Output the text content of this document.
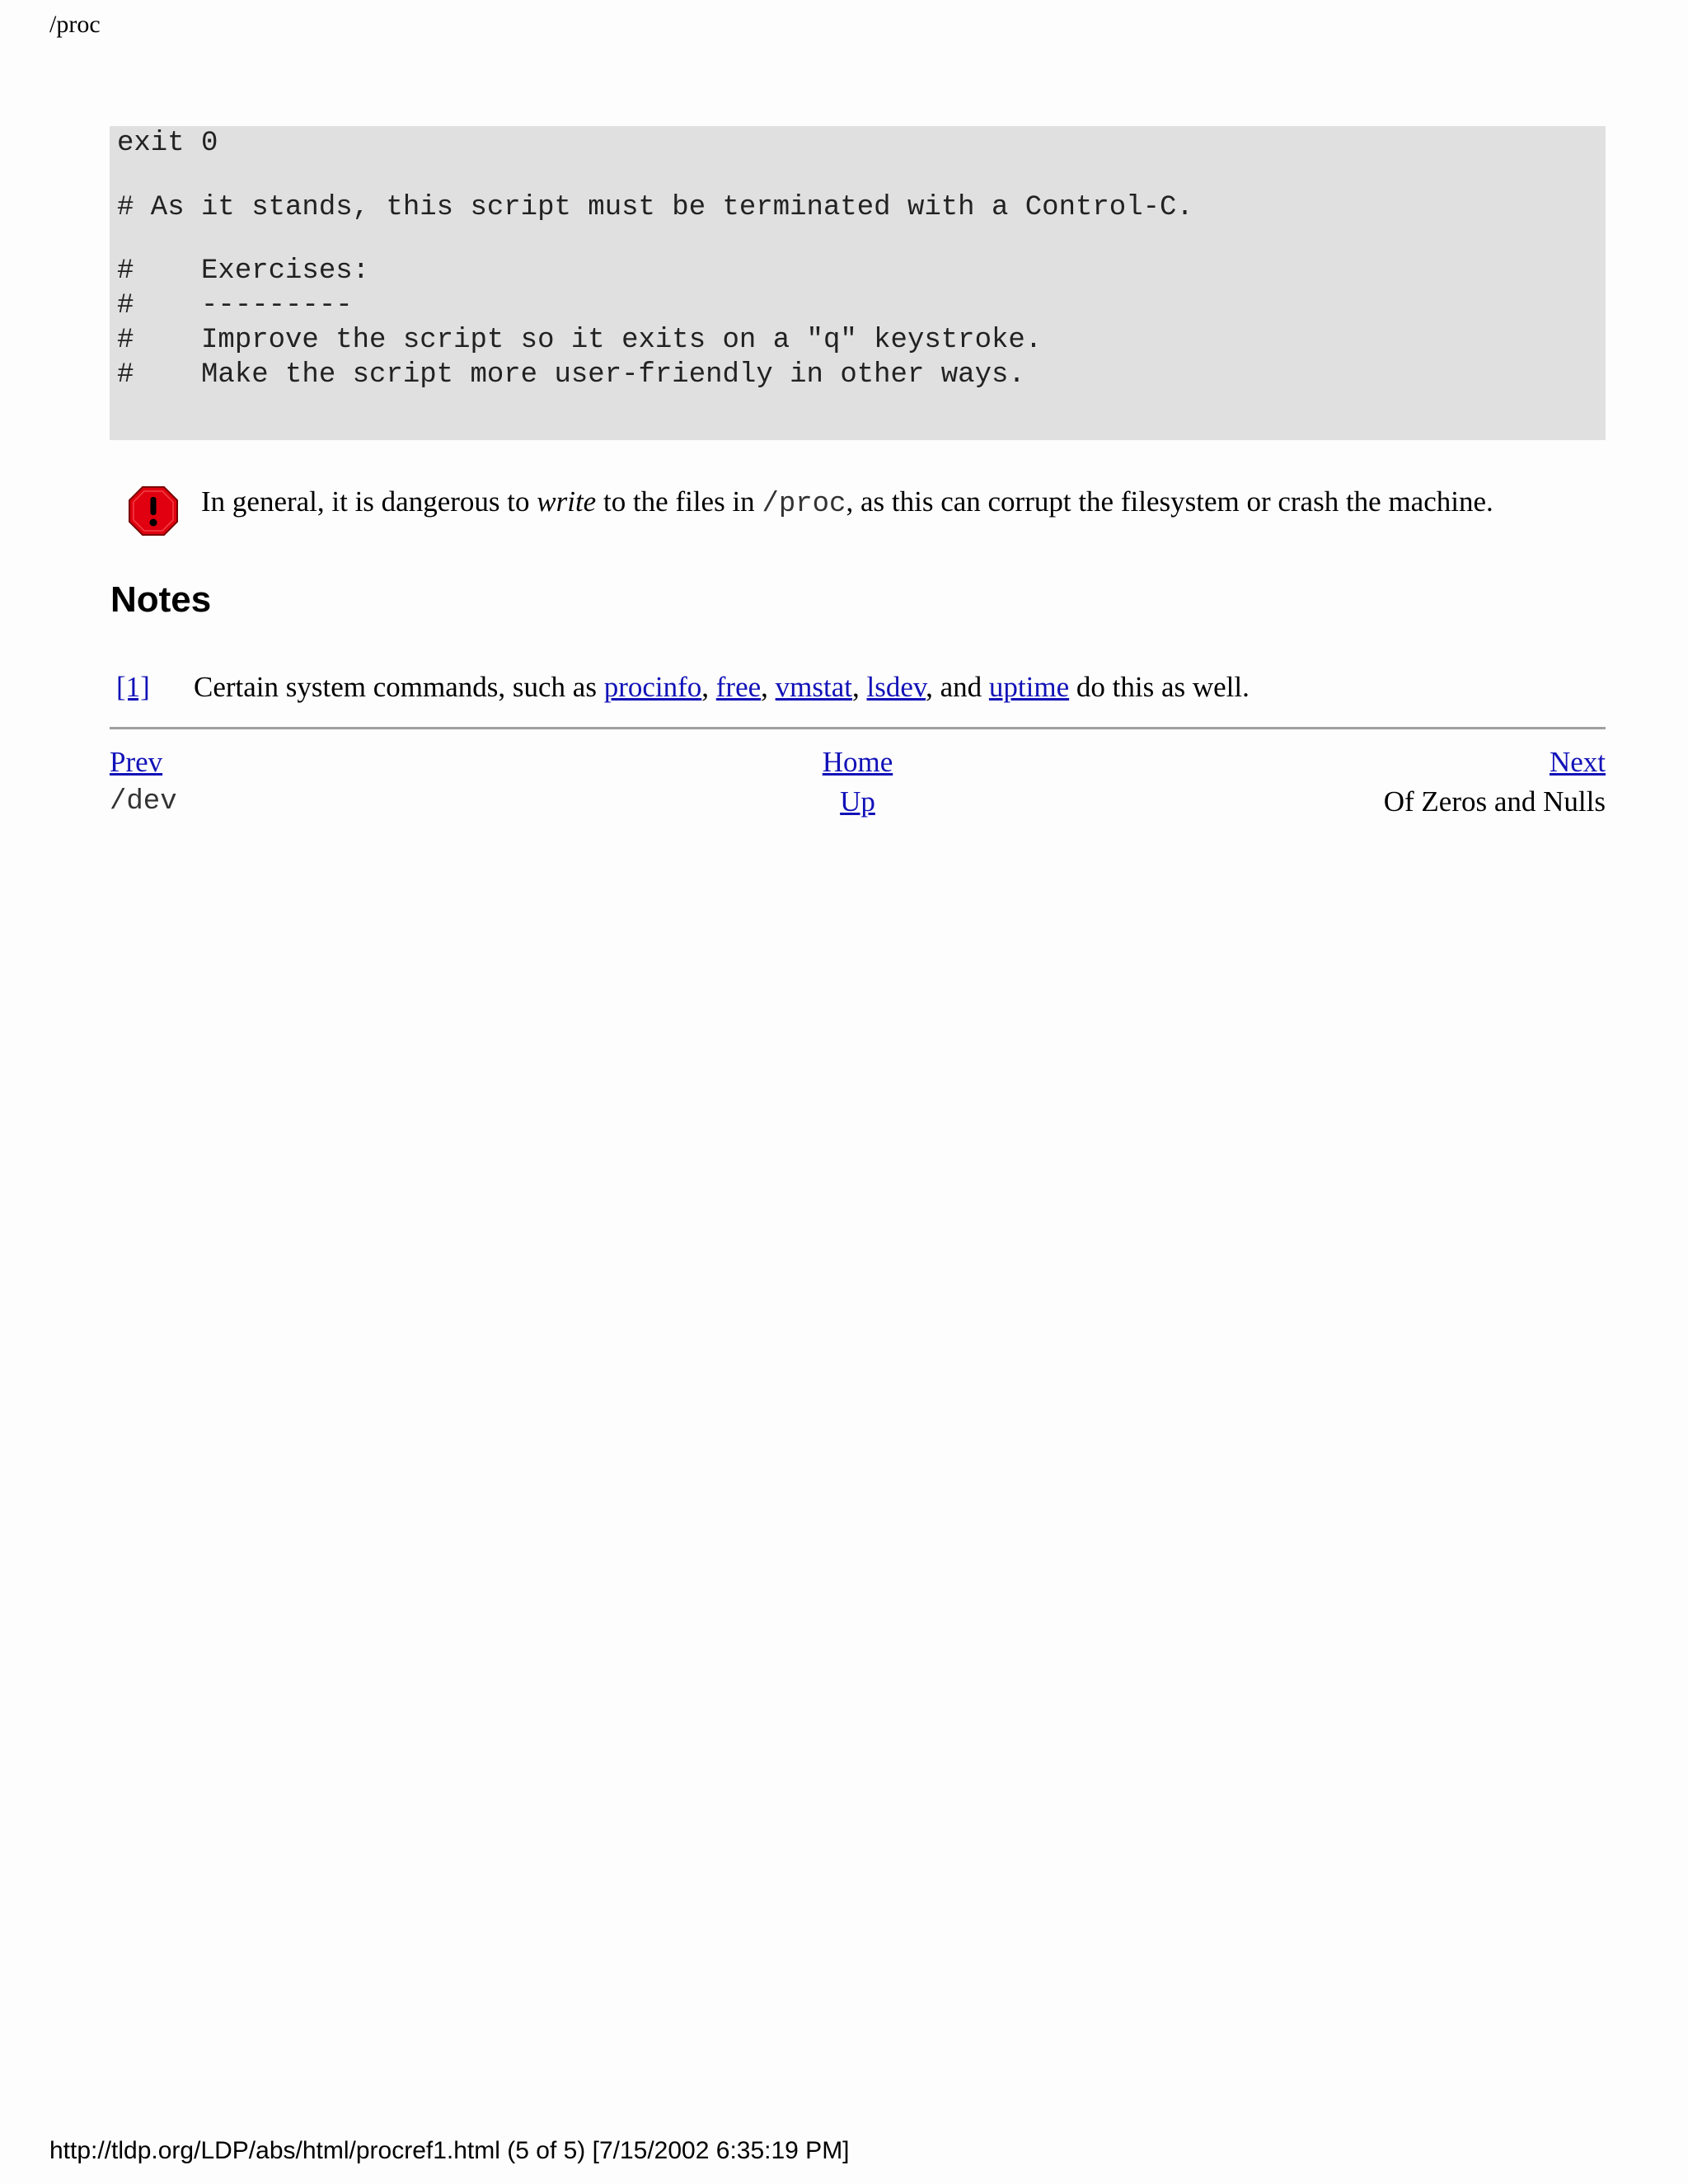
/proc
exit 0
# As it stands, this script must be terminated with a Control-C.
#    Exercises:
#    ---------
#    Improve the script so it exits on a "q" keystroke.
#    Make the script more user-friendly in other ways.
In general, it is dangerous to write to the files in /proc, as this can corrupt the filesystem or crash the machine.
Notes
[1] Certain system commands, such as procinfo, free, vmstat, lsdev, and uptime do this as well.
Prev	Home	Next
/dev	Up	Of Zeros and Nulls
http://tldp.org/LDP/abs/html/procref1.html (5 of 5) [7/15/2002 6:35:19 PM]
